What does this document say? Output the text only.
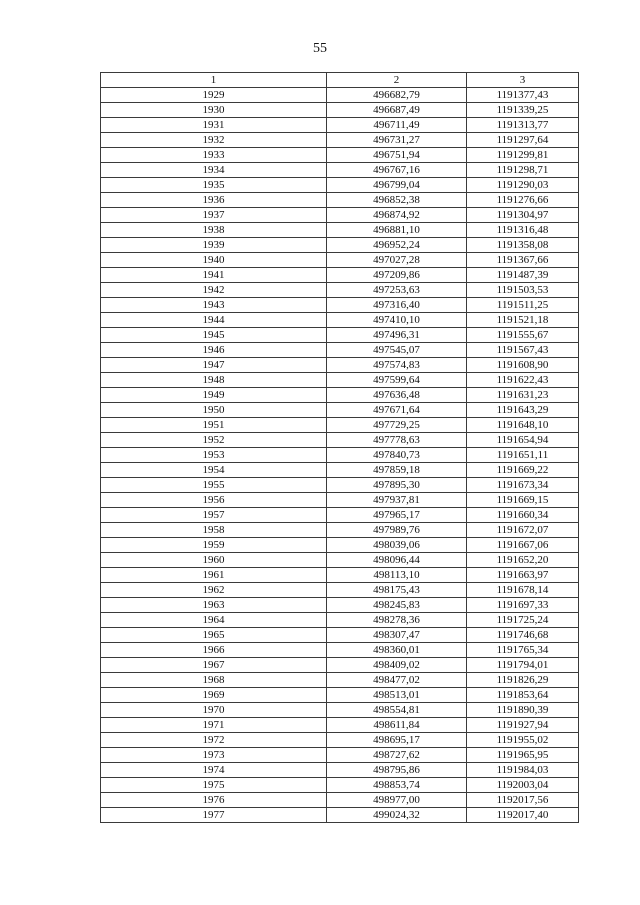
55
1	2	3
1929	496682,79	1191377,43
1930	496687,49	1191339,25
1931	496711,49	1191313,77
1932	496731,27	1191297,64
1933	496751,94	1191299,81
1934	496767,16	1191298,71
1935	496799,04	1191290,03
1936	496852,38	1191276,66
1937	496874,92	1191304,97
1938	496881,10	1191316,48
1939	496952,24	1191358,08
1940	497027,28	1191367,66
1941	497209,86	1191487,39
1942	497253,63	1191503,53
1943	497316,40	1191511,25
1944	497410,10	1191521,18
1945	497496,31	1191555,67
1946	497545,07	1191567,43
1947	497574,83	1191608,90
1948	497599,64	1191622,43
1949	497636,48	1191631,23
1950	497671,64	1191643,29
1951	497729,25	1191648,10
1952	497778,63	1191654,94
1953	497840,73	1191651,11
1954	497859,18	1191669,22
1955	497895,30	1191673,34
1956	497937,81	1191669,15
1957	497965,17	1191660,34
1958	497989,76	1191672,07
1959	498039,06	1191667,06
1960	498096,44	1191652,20
1961	498113,10	1191663,97
1962	498175,43	1191678,14
1963	498245,83	1191697,33
1964	498278,36	1191725,24
1965	498307,47	1191746,68
1966	498360,01	1191765,34
1967	498409,02	1191794,01
1968	498477,02	1191826,29
1969	498513,01	1191853,64
1970	498554,81	1191890,39
1971	498611,84	1191927,94
1972	498695,17	1191955,02
1973	498727,62	1191965,95
1974	498795,86	1191984,03
1975	498853,74	1192003,04
1976	498977,00	1192017,56
1977	499024,32	1192017,40
